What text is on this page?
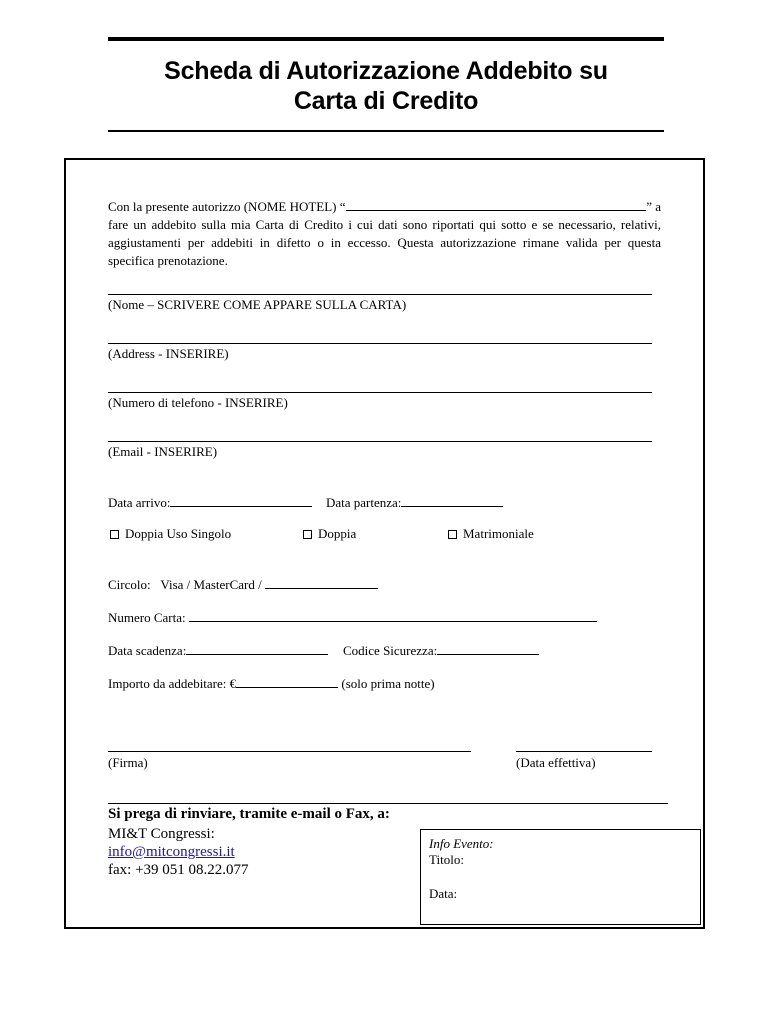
Scheda di Autorizzazione Addebito su
Carta di Credito
Con la presente autorizzo (NOME HOTEL) “	” a
fare un addebito sulla mia Carta di Credito i cui dati sono riportati qui sotto e se necessario, relativi, aggiustamenti per addebiti in difetto o in eccesso. Questa autorizzazione rimane valida per questa specifica prenotazione.
(Nome – SCRIVERE COME APPARE SULLA CARTA)
(Address - INSERIRE)
(Numero di telefono - INSERIRE)
(Email - INSERIRE)
Data arrivo:	Data partenza:
Doppia Uso Singolo	Doppia	Matrimoniale
Circolo: Visa / MasterCard /
Numero Carta:
Data scadenza:	Codice Sicurezza:
Importo da addebitare: €	(solo prima notte)
(Firma)	(Data effettiva)
Si prega di rinviare, tramite e-mail o Fax, a:
MI&T Congressi:
info@mitcongressi.it
fax: +39 051 08.22.077
Info Evento:
Titolo:
Data:
